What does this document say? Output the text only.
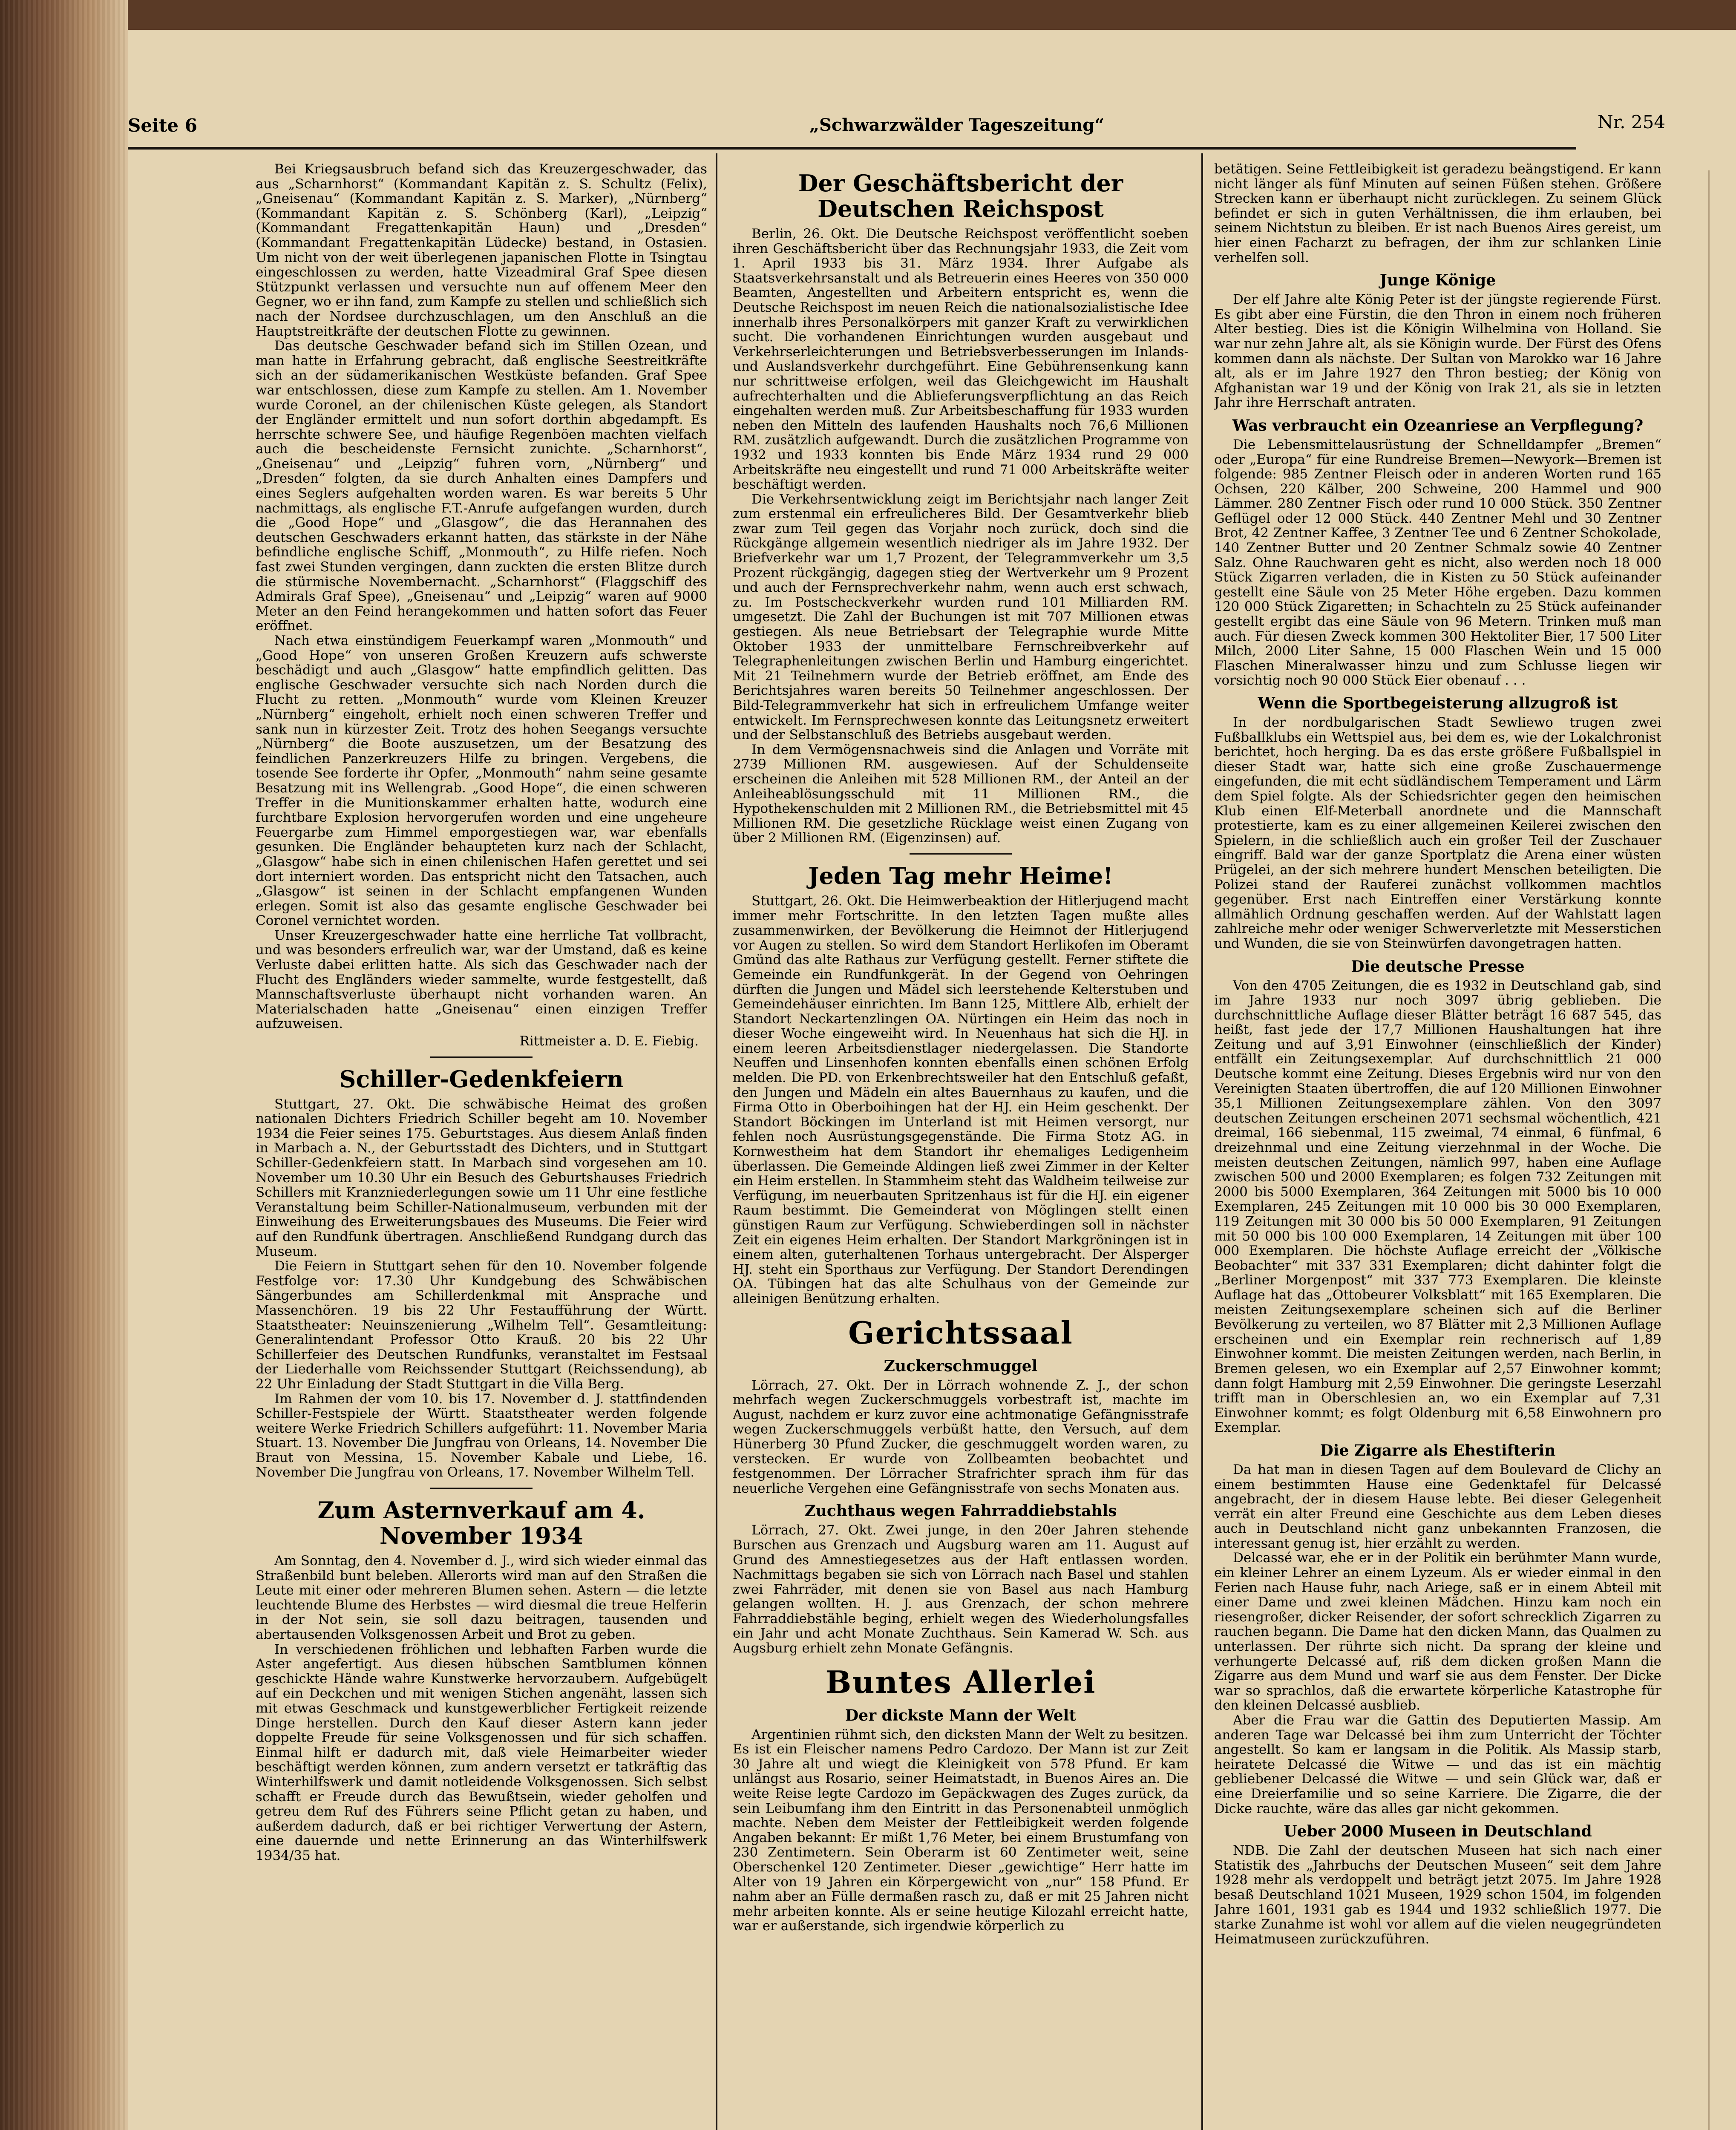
Seite 6	„Schwarzwälder Tageszeitung“	Nr. 254

Bei Kriegsausbruch befand sich das Kreuzergeschwader, das aus „Scharnhorst“ (Kommandant Kapitän z. S. Schultz (Felix), „Gneisenau“ (Kommandant Kapitän z. S. Marker), „Nürnberg“ (Kommandant Kapitän z. S. Schönberg (Karl), „Leipzig“ (Kommandant Fregattenkapitän Haun) und „Dresden“ (Kommandant Fregattenkapitän Lüdecke) bestand, in Ostasien. Um nicht von der weit überlegenen japanischen Flotte in Tsingtau eingeschlossen zu werden, hatte Vizeadmiral Graf Spee diesen Stützpunkt verlassen und versuchte nun auf offenem Meer den Gegner, wo er ihn fand, zum Kampfe zu stellen und schließlich sich nach der Nordsee durchzuschlagen, um den Anschluß an die Hauptstreitkräfte der deutschen Flotte zu gewinnen.

Das deutsche Geschwader befand sich im Stillen Ozean, und man hatte in Erfahrung gebracht, daß englische Seestreitkräfte sich an der südamerikanischen Westküste befanden. Graf Spee war entschlossen, diese zum Kampfe zu stellen. Am 1. November wurde Coronel, an der chilenischen Küste gelegen, als Standort der Engländer ermittelt und nun sofort dorthin abgedampft. Es herrschte schwere See, und häufige Regenböen machten vielfach auch die bescheidenste Fernsicht zunichte. „Scharnhorst“, „Gneisenau“ und „Leipzig“ fuhren vorn, „Nürnberg“ und „Dresden“ folgten, da sie durch Anhalten eines Dampfers und eines Seglers aufgehalten worden waren. Es war bereits 5 Uhr nachmittags, als englische F.T.-Anrufe aufgefangen wurden, durch die „Good Hope“ und „Glasgow“, die das Herannahen des deutschen Geschwaders erkannt hatten, das stärkste in der Nähe befindliche englische Schiff, „Monmouth“, zu Hilfe riefen. Noch fast zwei Stunden vergingen, dann zuckten die ersten Blitze durch die stürmische Novembernacht. „Scharnhorst“ (Flaggschiff des Admirals Graf Spee), „Gneisenau“ und „Leipzig“ waren auf 9000 Meter an den Feind herangekommen und hatten sofort das Feuer eröffnet.

Nach etwa einstündigem Feuerkampf waren „Monmouth“ und „Good Hope“ von unseren Großen Kreuzern aufs schwerste beschädigt und auch „Glasgow“ hatte empfindlich gelitten. Das englische Geschwader versuchte sich nach Norden durch die Flucht zu retten. „Monmouth“ wurde vom Kleinen Kreuzer „Nürnberg“ eingeholt, erhielt noch einen schweren Treffer und sank nun in kürzester Zeit. Trotz des hohen Seegangs versuchte „Nürnberg“ die Boote auszusetzen, um der Besatzung des feindlichen Panzerkreuzers Hilfe zu bringen. Vergebens, die tosende See forderte ihr Opfer, „Monmouth“ nahm seine gesamte Besatzung mit ins Wellengrab. „Good Hope“, die einen schweren Treffer in die Munitionskammer erhalten hatte, wodurch eine furchtbare Explosion hervorgerufen worden und eine ungeheure Feuergarbe zum Himmel emporgestiegen war, war ebenfalls gesunken. Die Engländer behaupteten kurz nach der Schlacht, „Glasgow“ habe sich in einen chilenischen Hafen gerettet und sei dort interniert worden. Das entspricht nicht den Tatsachen, auch „Glasgow“ ist seinen in der Schlacht empfangenen Wunden erlegen. Somit ist also das gesamte englische Geschwader bei Coronel vernichtet worden.

Unser Kreuzergeschwader hatte eine herrliche Tat vollbracht, und was besonders erfreulich war, war der Umstand, daß es keine Verluste dabei erlitten hatte. Als sich das Geschwader nach der Flucht des Engländers wieder sammelte, wurde festgestellt, daß Mannschaftsverluste überhaupt nicht vorhanden waren. An Materialschaden hatte „Gneisenau“ einen einzigen Treffer aufzuweisen.

Rittmeister a. D. E. Fiebig.
Schiller-Gedenkfeiern

Stuttgart, 27. Okt. Die schwäbische Heimat des großen nationalen Dichters Friedrich Schiller begeht am 10. November 1934 die Feier seines 175. Geburtstages. Aus diesem Anlaß finden in Marbach a. N., der Geburtsstadt des Dichters, und in Stuttgart Schiller-Gedenkfeiern statt. In Marbach sind vorgesehen am 10. November um 10.30 Uhr ein Besuch des Geburtshauses Friedrich Schillers mit Kranzniederlegungen sowie um 11 Uhr eine festliche Veranstaltung beim Schiller-Nationalmuseum, verbunden mit der Einweihung des Erweiterungsbaues des Museums. Die Feier wird auf den Rundfunk übertragen. Anschließend Rundgang durch das Museum.

Die Feiern in Stuttgart sehen für den 10. November folgende Festfolge vor: 17.30 Uhr Kundgebung des Schwäbischen Sängerbundes am Schillerdenkmal mit Ansprache und Massenchören. 19 bis 22 Uhr Festaufführung der Württ. Staatstheater: Neuinszenierung „Wilhelm Tell“. Gesamtleitung: Generalintendant Professor Otto Krauß. 20 bis 22 Uhr Schillerfeier des Deutschen Rundfunks, veranstaltet im Festsaal der Liederhalle vom Reichssender Stuttgart (Reichssendung), ab 22 Uhr Einladung der Stadt Stuttgart in die Villa Berg.

Im Rahmen der vom 10. bis 17. November d. J. stattfindenden Schiller-Festspiele der Württ. Staatstheater werden folgende weitere Werke Friedrich Schillers aufgeführt: 11. November Maria Stuart. 13. November Die Jungfrau von Orleans, 14. November Die Braut von Messina, 15. November Kabale und Liebe, 16. November Die Jungfrau von Orleans, 17. November Wilhelm Tell.

Zum Asternverkauf am 4. November 1934

Am Sonntag, den 4. November d. J., wird sich wieder einmal das Straßenbild bunt beleben. Allerorts wird man auf den Straßen die Leute mit einer oder mehreren Blumen sehen. Astern — die letzte leuchtende Blume des Herbstes — wird diesmal die treue Helferin in der Not sein, sie soll dazu beitragen, tausenden und abertausenden Volksgenossen Arbeit und Brot zu geben.

In verschiedenen fröhlichen und lebhaften Farben wurde die Aster angefertigt. Aus diesen hübschen Samtblumen können geschickte Hände wahre Kunstwerke hervorzaubern. Aufgebügelt auf ein Deckchen und mit wenigen Stichen angenäht, lassen sich mit etwas Geschmack und kunstgewerblicher Fertigkeit reizende Dinge herstellen. Durch den Kauf dieser Astern kann jeder doppelte Freude für seine Volksgenossen und für sich schaffen. Einmal hilft er dadurch mit, daß viele Heimarbeiter wieder beschäftigt werden können, zum andern versetzt er tatkräftig das Winterhilfswerk und damit notleidende Volksgenossen. Sich selbst schafft er Freude durch das Bewußtsein, wieder geholfen und getreu dem Ruf des Führers seine Pflicht getan zu haben, und außerdem dadurch, daß er bei richtiger Verwertung der Astern, eine dauernde und nette Erinnerung an das Winterhilfswerk 1934/35 hat.

Der Geschäftsbericht der Deutschen Reichspost

Berlin, 26. Okt. Die Deutsche Reichspost veröffentlicht soeben ihren Geschäftsbericht über das Rechnungsjahr 1933, die Zeit vom 1. April 1933 bis 31. März 1934. Ihrer Aufgabe als Staatsverkehrsanstalt und als Betreuerin eines Heeres von 350 000 Beamten, Angestellten und Arbeitern entspricht es, wenn die Deutsche Reichspost im neuen Reich die nationalsozialistische Idee innerhalb ihres Personalkörpers mit ganzer Kraft zu verwirklichen sucht. Die vorhandenen Einrichtungen wurden ausgebaut und Verkehrserleichterungen und Betriebsverbesserungen im Inlands- und Auslandsverkehr durchgeführt. Eine Gebührensenkung kann nur schrittweise erfolgen, weil das Gleichgewicht im Haushalt aufrechterhalten und die Ablieferungsverpflichtung an das Reich eingehalten werden muß. Zur Arbeitsbeschaffung für 1933 wurden neben den Mitteln des laufenden Haushalts noch 76,6 Millionen RM. zusätzlich aufgewandt. Durch die zusätzlichen Programme von 1932 und 1933 konnten bis Ende März 1934 rund 29 000 Arbeitskräfte neu eingestellt und rund 71 000 Arbeitskräfte weiter beschäftigt werden.

Die Verkehrsentwicklung zeigt im Berichtsjahr nach langer Zeit zum erstenmal ein erfreulicheres Bild. Der Gesamtverkehr blieb zwar zum Teil gegen das Vorjahr noch zurück, doch sind die Rückgänge allgemein wesentlich niedriger als im Jahre 1932. Der Briefverkehr war um 1,7 Prozent, der Telegrammverkehr um 3,5 Prozent rückgängig, dagegen stieg der Wertverkehr um 9 Prozent und auch der Fernsprechverkehr nahm, wenn auch erst schwach, zu. Im Postscheckverkehr wurden rund 101 Milliarden RM. umgesetzt. Die Zahl der Buchungen ist mit 707 Millionen etwas gestiegen. Als neue Betriebsart der Telegraphie wurde Mitte Oktober 1933 der unmittelbare Fernschreibverkehr auf Telegraphenleitungen zwischen Berlin und Hamburg eingerichtet. Mit 21 Teilnehmern wurde der Betrieb eröffnet, am Ende des Berichtsjahres waren bereits 50 Teilnehmer angeschlossen. Der Bild-Telegrammverkehr hat sich in erfreulichem Umfange weiter entwickelt. Im Fernsprechwesen konnte das Leitungsnetz erweitert und der Selbstanschluß des Betriebs ausgebaut werden.

In dem Vermögensnachweis sind die Anlagen und Vorräte mit 2739 Millionen RM. ausgewiesen. Auf der Schuldenseite erscheinen die Anleihen mit 528 Millionen RM., der Anteil an der Anleiheablösungsschuld mit 11 Millionen RM., die Hypothekenschulden mit 2 Millionen RM., die Betriebsmittel mit 45 Millionen RM. Die gesetzliche Rücklage weist einen Zugang von über 2 Millionen RM. (Eigenzinsen) auf.

Jeden Tag mehr Heime!

Stuttgart, 26. Okt. Die Heimwerbeaktion der Hitlerjugend macht immer mehr Fortschritte. In den letzten Tagen mußte alles zusammenwirken, der Bevölkerung die Heimnot der Hitlerjugend vor Augen zu stellen. So wird dem Standort Herlikofen im Oberamt Gmünd das alte Rathaus zur Verfügung gestellt. Ferner stiftete die Gemeinde ein Rundfunkgerät. In der Gegend von Oehringen dürften die Jungen und Mädel sich leerstehende Kelterstuben und Gemeindehäuser einrichten. Im Bann 125, Mittlere Alb, erhielt der Standort Neckartenzlingen OA. Nürtingen ein Heim das noch in dieser Woche eingeweiht wird. In Neuenhaus hat sich die HJ. in einem leeren Arbeitsdienstlager niedergelassen. Die Standorte Neuffen und Linsenhofen konnten ebenfalls einen schönen Erfolg melden. Die PD. von Erkenbrechtsweiler hat den Entschluß gefaßt, den Jungen und Mädeln ein altes Bauernhaus zu kaufen, und die Firma Otto in Oberboihingen hat der HJ. ein Heim geschenkt. Der Standort Böckingen im Unterland ist mit Heimen versorgt, nur fehlen noch Ausrüstungsgegenstände. Die Firma Stotz AG. in Kornwestheim hat dem Standort ihr ehemaliges Ledigenheim überlassen. Die Gemeinde Aldingen ließ zwei Zimmer in der Kelter ein Heim erstellen. In Stammheim steht das Waldheim teilweise zur Verfügung, im neuerbauten Spritzenhaus ist für die HJ. ein eigener Raum bestimmt. Die Gemeinderat von Möglingen stellt einen günstigen Raum zur Verfügung. Schwieberdingen soll in nächster Zeit ein eigenes Heim erhalten. Der Standort Markgröningen ist in einem alten, guterhaltenen Torhaus untergebracht. Der Alsperger HJ. steht ein Sporthaus zur Verfügung. Der Standort Derendingen OA. Tübingen hat das alte Schulhaus von der Gemeinde zur alleinigen Benützung erhalten.

Gerichtssaal
Zuckerschmuggel

Lörrach, 27. Okt. Der in Lörrach wohnende Z. J., der schon mehrfach wegen Zuckerschmuggels vorbestraft ist, machte im August, nachdem er kurz zuvor eine achtmonatige Gefängnisstrafe wegen Zuckerschmuggels verbüßt hatte, den Versuch, auf dem Hünerberg 30 Pfund Zucker, die geschmuggelt worden waren, zu verstecken. Er wurde von Zollbeamten beobachtet und festgenommen. Der Lörracher Strafrichter sprach ihm für das neuerliche Vergehen eine Gefängnisstrafe von sechs Monaten aus.

Zuchthaus wegen Fahrraddiebstahls

Lörrach, 27. Okt. Zwei junge, in den 20er Jahren stehende Burschen aus Grenzach und Augsburg waren am 11. August auf Grund des Amnestiegesetzes aus der Haft entlassen worden. Nachmittags begaben sie sich von Lörrach nach Basel und stahlen zwei Fahrräder, mit denen sie von Basel aus nach Hamburg gelangen wollten. H. J. aus Grenzach, der schon mehrere Fahrraddiebstähle beging, erhielt wegen des Wiederholungsfalles ein Jahr und acht Monate Zuchthaus. Sein Kamerad W. Sch. aus Augsburg erhielt zehn Monate Gefängnis.

Buntes Allerlei
Der dickste Mann der Welt

Argentinien rühmt sich, den dicksten Mann der Welt zu besitzen. Es ist ein Fleischer namens Pedro Cardozo. Der Mann ist zur Zeit 30 Jahre alt und wiegt die Kleinigkeit von 578 Pfund. Er kam unlängst aus Rosario, seiner Heimatstadt, in Buenos Aires an. Die weite Reise legte Cardozo im Gepäckwagen des Zuges zurück, da sein Leibumfang ihm den Eintritt in das Personenabteil unmöglich machte. Neben dem Meister der Fettleibigkeit werden folgende Angaben bekannt: Er mißt 1,76 Meter, bei einem Brustumfang von 230 Zentimetern. Sein Oberarm ist 60 Zentimeter weit, seine Oberschenkel 120 Zentimeter. Dieser „gewichtige“ Herr hatte im Alter von 19 Jahren ein Körpergewicht von „nur“ 158 Pfund. Er nahm aber an Fülle dermaßen rasch zu, daß er mit 25 Jahren nicht mehr arbeiten konnte. Als er seine heutige Kilozahl erreicht hatte, war er außerstande, sich irgendwie körperlich zu

betätigen. Seine Fettleibigkeit ist geradezu beängstigend. Er kann nicht länger als fünf Minuten auf seinen Füßen stehen. Größere Strecken kann er überhaupt nicht zurücklegen. Zu seinem Glück befindet er sich in guten Verhältnissen, die ihm erlauben, bei seinem Nichtstun zu bleiben. Er ist nach Buenos Aires gereist, um hier einen Facharzt zu befragen, der ihm zur schlanken Linie verhelfen soll.

Junge Könige

Der elf Jahre alte König Peter ist der jüngste regierende Fürst. Es gibt aber eine Fürstin, die den Thron in einem noch früheren Alter bestieg. Dies ist die Königin Wilhelmina von Holland. Sie war nur zehn Jahre alt, als sie Königin wurde. Der Fürst des Ofens kommen dann als nächste. Der Sultan von Marokko war 16 Jahre alt, als er im Jahre 1927 den Thron bestieg; der König von Afghanistan war 19 und der König von Irak 21, als sie in letzten Jahr ihre Herrschaft antraten.

Was verbraucht ein Ozeanriese an Verpflegung?

Die Lebensmittelausrüstung der Schnelldampfer „Bremen“ oder „Europa“ für eine Rundreise Bremen—Newyork—Bremen ist folgende: 985 Zentner Fleisch oder in anderen Worten rund 165 Ochsen, 220 Kälber, 200 Schweine, 200 Hammel und 900 Lämmer. 280 Zentner Fisch oder rund 10 000 Stück. 350 Zentner Geflügel oder 12 000 Stück. 440 Zentner Mehl und 30 Zentner Brot, 42 Zentner Kaffee, 3 Zentner Tee und 6 Zentner Schokolade, 140 Zentner Butter und 20 Zentner Schmalz sowie 40 Zentner Salz. Ohne Rauchwaren geht es nicht, also werden noch 18 000 Stück Zigarren verladen, die in Kisten zu 50 Stück aufeinander gestellt eine Säule von 25 Meter Höhe ergeben. Dazu kommen 120 000 Stück Zigaretten; in Schachteln zu 25 Stück aufeinander gestellt ergibt das eine Säule von 96 Metern. Trinken muß man auch. Für diesen Zweck kommen 300 Hektoliter Bier, 17 500 Liter Milch, 2000 Liter Sahne, 15 000 Flaschen Wein und 15 000 Flaschen Mineralwasser hinzu und zum Schlusse liegen wir vorsichtig noch 90 000 Stück Eier obenauf . . .

Wenn die Sportbegeisterung allzugroß ist

In der nordbulgarischen Stadt Sewliewo trugen zwei Fußballklubs ein Wettspiel aus, bei dem es, wie der Lokalchronist berichtet, hoch herging. Da es das erste größere Fußballspiel in dieser Stadt war, hatte sich eine große Zuschauermenge eingefunden, die mit echt südländischem Temperament und Lärm dem Spiel folgte. Als der Schiedsrichter gegen den heimischen Klub einen Elf-Meterball anordnete und die Mannschaft protestierte, kam es zu einer allgemeinen Keilerei zwischen den Spielern, in die schließlich auch ein großer Teil der Zuschauer eingriff. Bald war der ganze Sportplatz die Arena einer wüsten Prügelei, an der sich mehrere hundert Menschen beteiligten. Die Polizei stand der Rauferei zunächst vollkommen machtlos gegenüber. Erst nach Eintreffen einer Verstärkung konnte allmählich Ordnung geschaffen werden. Auf der Wahlstatt lagen zahlreiche mehr oder weniger Schwerverletzte mit Messerstichen und Wunden, die sie von Steinwürfen davongetragen hatten.

Die deutsche Presse

Von den 4705 Zeitungen, die es 1932 in Deutschland gab, sind im Jahre 1933 nur noch 3097 übrig geblieben. Die durchschnittliche Auflage dieser Blätter beträgt 16 687 545, das heißt, fast jede der 17,7 Millionen Haushaltungen hat ihre Zeitung und auf 3,91 Einwohner (einschließlich der Kinder) entfällt ein Zeitungsexemplar. Auf durchschnittlich 21 000 Deutsche kommt eine Zeitung. Dieses Ergebnis wird nur von den Vereinigten Staaten übertroffen, die auf 120 Millionen Einwohner 35,1 Millionen Zeitungsexemplare zählen. Von den 3097 deutschen Zeitungen erscheinen 2071 sechsmal wöchentlich, 421 dreimal, 166 siebenmal, 115 zweimal, 74 einmal, 6 fünfmal, 6 dreizehnmal und eine Zeitung vierzehnmal in der Woche. Die meisten deutschen Zeitungen, nämlich 997, haben eine Auflage zwischen 500 und 2000 Exemplaren; es folgen 732 Zeitungen mit 2000 bis 5000 Exemplaren, 364 Zeitungen mit 5000 bis 10 000 Exemplaren, 245 Zeitungen mit 10 000 bis 30 000 Exemplaren, 119 Zeitungen mit 30 000 bis 50 000 Exemplaren, 91 Zeitungen mit 50 000 bis 100 000 Exemplaren, 14 Zeitungen mit über 100 000 Exemplaren. Die höchste Auflage erreicht der „Völkische Beobachter“ mit 337 331 Exemplaren; dicht dahinter folgt die „Berliner Morgenpost“ mit 337 773 Exemplaren. Die kleinste Auflage hat das „Ottobeurer Volksblatt“ mit 165 Exemplaren. Die meisten Zeitungsexemplare scheinen sich auf die Berliner Bevölkerung zu verteilen, wo 87 Blätter mit 2,3 Millionen Auflage erscheinen und ein Exemplar rein rechnerisch auf 1,89 Einwohner kommt. Die meisten Zeitungen werden, nach Berlin, in Bremen gelesen, wo ein Exemplar auf 2,57 Einwohner kommt; dann folgt Hamburg mit 2,59 Einwohner. Die geringste Leserzahl trifft man in Oberschlesien an, wo ein Exemplar auf 7,31 Einwohner kommt; es folgt Oldenburg mit 6,58 Einwohnern pro Exemplar.

Die Zigarre als Ehestifterin

Da hat man in diesen Tagen auf dem Boulevard de Clichy an einem bestimmten Hause eine Gedenktafel für Delcassé angebracht, der in diesem Hause lebte. Bei dieser Gelegenheit verrät ein alter Freund eine Geschichte aus dem Leben dieses auch in Deutschland nicht ganz unbekannten Franzosen, die interessant genug ist, hier erzählt zu werden.

Delcassé war, ehe er in der Politik ein berühmter Mann wurde, ein kleiner Lehrer an einem Lyzeum. Als er wieder einmal in den Ferien nach Hause fuhr, nach Ariege, saß er in einem Abteil mit einer Dame und zwei kleinen Mädchen. Hinzu kam noch ein riesengroßer, dicker Reisender, der sofort schrecklich Zigarren zu rauchen begann. Die Dame hat den dicken Mann, das Qualmen zu unterlassen. Der rührte sich nicht. Da sprang der kleine und verhungerte Delcassé auf, riß dem dicken großen Mann die Zigarre aus dem Mund und warf sie aus dem Fenster. Der Dicke war so sprachlos, daß die erwartete körperliche Katastrophe für den kleinen Delcassé ausblieb.

Aber die Frau war die Gattin des Deputierten Massip. Am anderen Tage war Delcassé bei ihm zum Unterricht der Töchter angestellt. So kam er langsam in die Politik. Als Massip starb, heiratete Delcassé die Witwe — und das ist ein mächtig gebliebener Delcassé die Witwe — und sein Glück war, daß er eine Dreierfamilie und so seine Karriere. Die Zigarre, die der Dicke rauchte, wäre das alles gar nicht gekommen.

Ueber 2000 Museen in Deutschland

NDB. Die Zahl der deutschen Museen hat sich nach einer Statistik des „Jahrbuchs der Deutschen Museen“ seit dem Jahre 1928 mehr als verdoppelt und beträgt jetzt 2075. Im Jahre 1928 besaß Deutschland 1021 Museen, 1929 schon 1504, im folgenden Jahre 1601, 1931 gab es 1944 und 1932 schließlich 1977. Die starke Zunahme ist wohl vor allem auf die vielen neugegründeten Heimatmuseen zurückzuführen.
